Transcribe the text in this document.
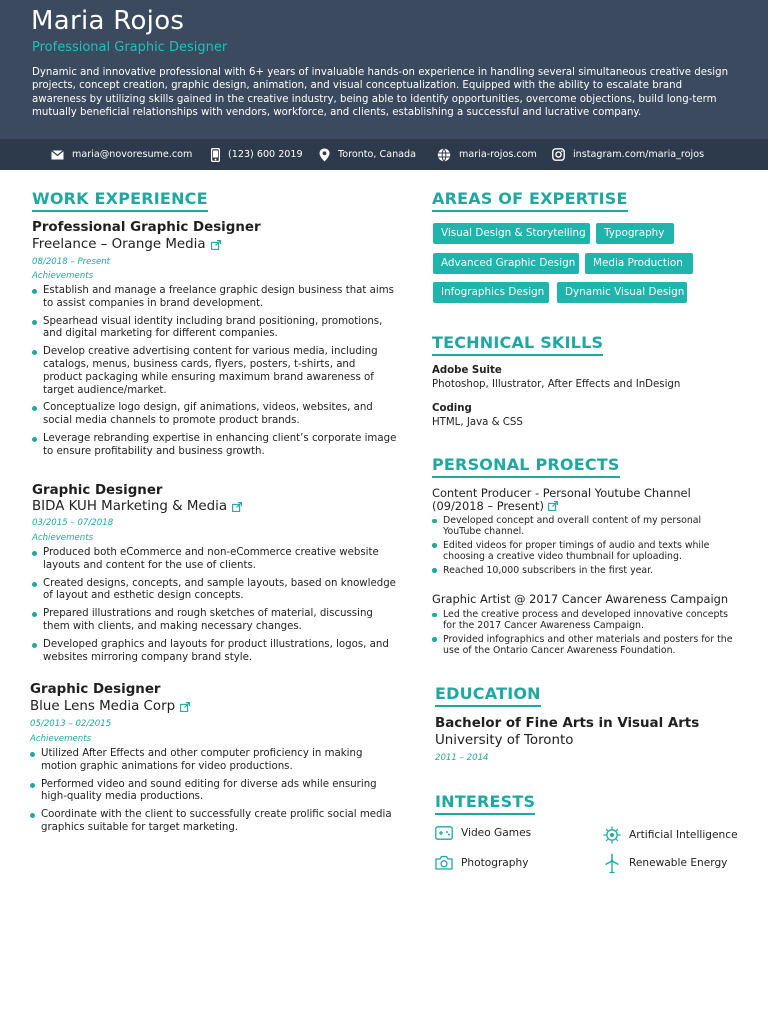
Maria Rojos
Professional Graphic Designer
Dynamic and innovative professional with 6+ years of invaluable hands-on experience in handling several simultaneous creative design projects, concept creation, graphic design, animation, and visual conceptualization. Equipped with the ability to escalate brand awareness by utilizing skills gained in the creative industry, being able to identify opportunities, overcome objections, build long-term mutually beneficial relationships with vendors, workforce, and clients, establishing a successful and lucrative company.
maria@novoresume.com	(123) 600 2019	Toronto, Canada	maria-rojos.com	instagram.com/maria_rojos
WORK EXPERIENCE
Professional Graphic Designer
Freelance – Orange Media
08/2018 – Present
Achievements
Establish and manage a freelance graphic design business that aims to assist companies in brand development.
Spearhead visual identity including brand positioning, promotions, and digital marketing for different companies.
Develop creative advertising content for various media, including catalogs, menus, business cards, flyers, posters, t-shirts, and product packaging while ensuring maximum brand awareness of target audience/market.
Conceptualize logo design, gif animations, videos, websites, and social media channels to promote product brands.
Leverage rebranding expertise in enhancing client’s corporate image to ensure profitability and business growth.
Graphic Designer
BIDA KUH Marketing & Media
03/2015 – 07/2018
Achievements
Produced both eCommerce and non-eCommerce creative website layouts and content for the use of clients.
Created designs, concepts, and sample layouts, based on knowledge of layout and esthetic design concepts.
Prepared illustrations and rough sketches of material, discussing them with clients, and making necessary changes.
Developed graphics and layouts for product illustrations, logos, and websites mirroring company brand style.
Graphic Designer
Blue Lens Media Corp
05/2013 – 02/2015
Achievements
Utilized After Effects and other computer proficiency in making motion graphic animations for video productions.
Performed video and sound editing for diverse ads while ensuring high-quality media productions.
Coordinate with the client to successfully create prolific social media graphics suitable for target marketing.
AREAS OF EXPERTISE
Visual Design & Storytelling	Typography
Advanced Graphic Design	Media Production
Infographics Design	Dynamic Visual Design
TECHNICAL SKILLS
Adobe Suite
Photoshop, Illustrator, After Effects and InDesign
Coding
HTML, Java & CSS
PERSONAL PROECTS
Content Producer - Personal Youtube Channel
(09/2018 – Present)
Developed concept and overall content of my personal YouTube channel.
Edited videos for proper timings of audio and texts while choosing a creative video thumbnail for uploading.
Reached 10,000 subscribers in the first year.
Graphic Artist @ 2017 Cancer Awareness Campaign
Led the creative process and developed innovative concepts for the 2017 Cancer Awareness Campaign.
Provided infographics and other materials and posters for the use of the Ontario Cancer Awareness Foundation.
EDUCATION
Bachelor of Fine Arts in Visual Arts
University of Toronto
2011 – 2014
INTERESTS
Video Games	Artificial Intelligence
Photography	Renewable Energy
